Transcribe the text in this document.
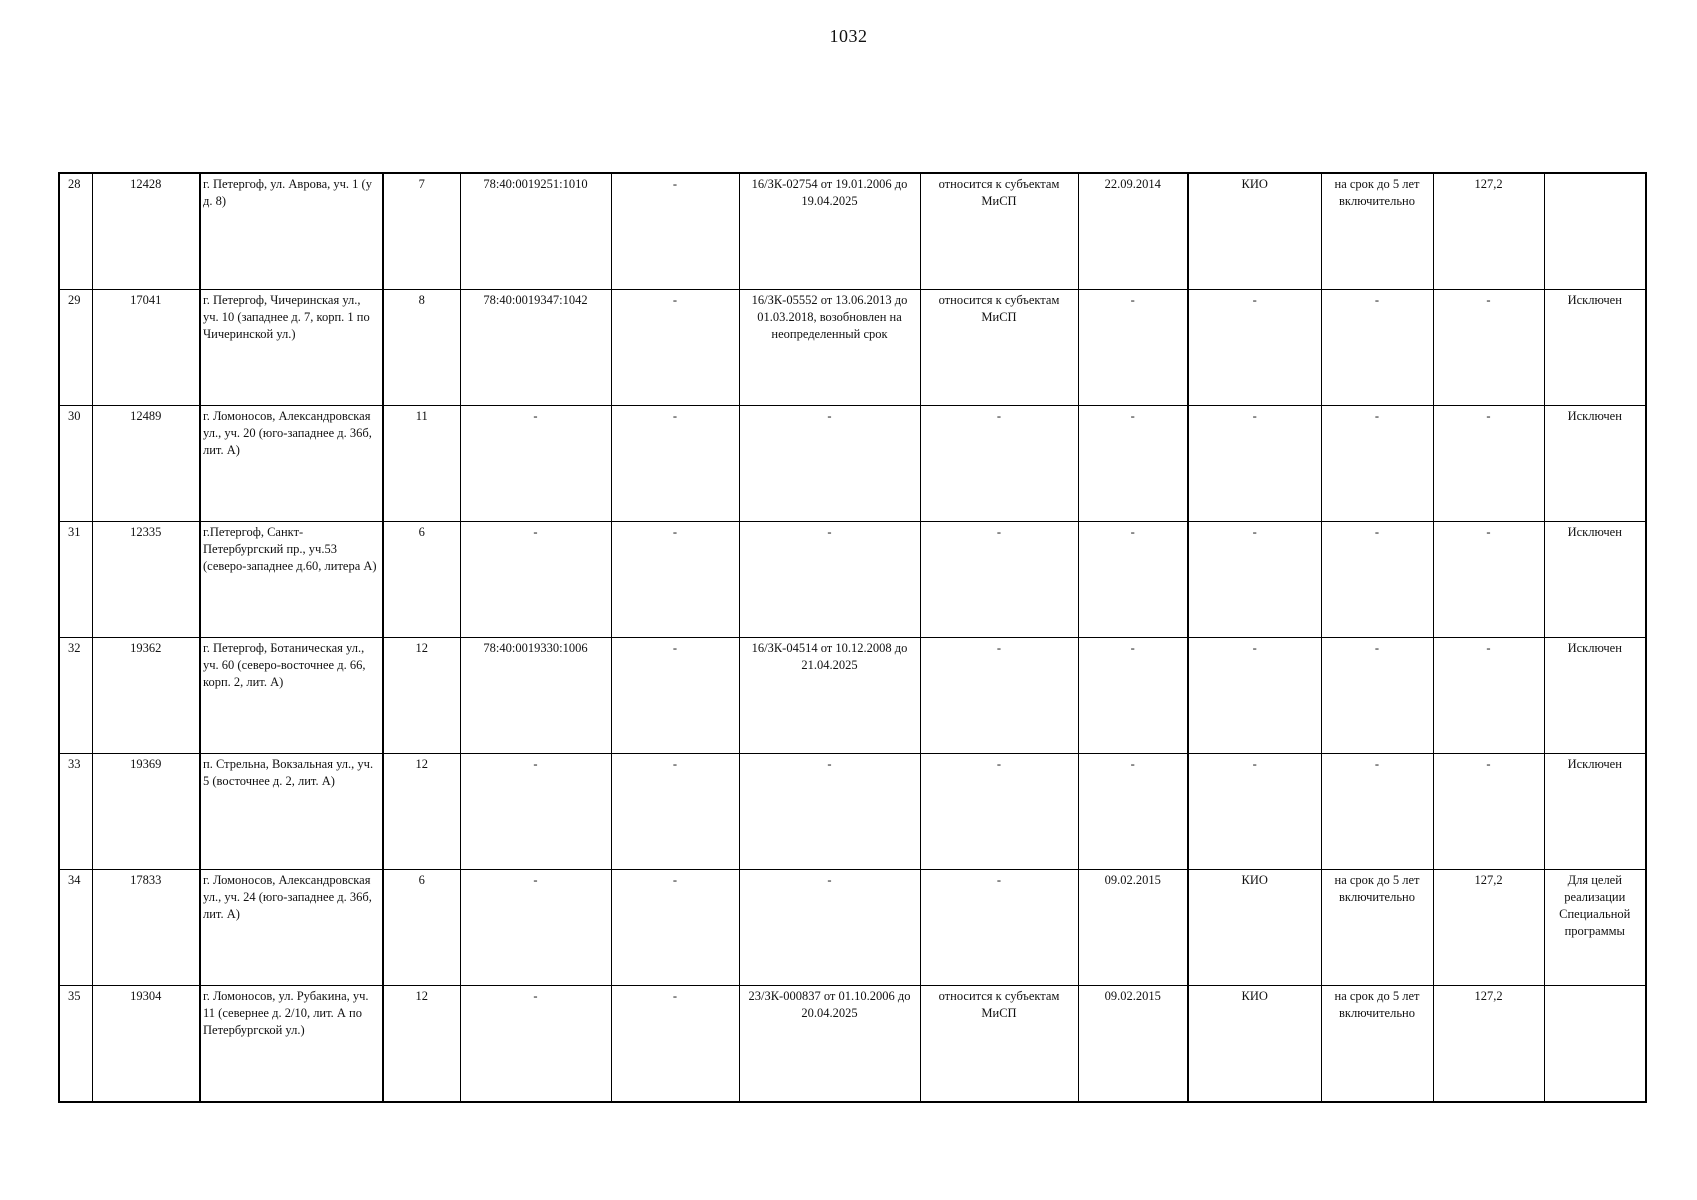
1032
28	12428	г. Петергоф, ул. Аврова, уч. 1 (у д. 8)	7	78:40:0019251:1010	-	16/ЗК-02754 от 19.01.2006 до 19.04.2025	относится к субъектам МиСП	22.09.2014	КИО	на срок до 5 лет включительно	127,2	
29	17041	г. Петергоф, Чичеринская ул., уч. 10 (западнее д. 7, корп. 1 по Чичеринской ул.)	8	78:40:0019347:1042	-	16/ЗК-05552 от 13.06.2013 до 01.03.2018, возобновлен на неопределенный срок	относится к субъектам МиСП	-	-	-	-	Исключен
30	12489	г. Ломоносов, Александровская ул., уч. 20 (юго-западнее д. 36б, лит. А)	11	-	-	-	-	-	-	-	-	Исключен
31	12335	г.Петергоф, Санкт-Петербургский пр., уч.53 (северо-западнее д.60, литера А)	6	-	-	-	-	-	-	-	-	Исключен
32	19362	г. Петергоф, Ботаническая ул., уч. 60 (северо-восточнее д. 66, корп. 2, лит. А)	12	78:40:0019330:1006	-	16/ЗК-04514 от 10.12.2008 до 21.04.2025	-	-	-	-	-	Исключен
33	19369	п. Стрельна, Вокзальная ул., уч. 5 (восточнее д. 2, лит. А)	12	-	-	-	-	-	-	-	-	Исключен
34	17833	г. Ломоносов, Александровская ул., уч. 24 (юго-западнее д. 36б, лит. А)	6	-	-	-	-	09.02.2015	КИО	на срок до 5 лет включительно	127,2	Для целей реализации Специальной программы
35	19304	г. Ломоносов, ул. Рубакина, уч. 11 (севернее д. 2/10, лит. А по Петербургской ул.)	12	-	-	23/ЗК-000837 от 01.10.2006 до 20.04.2025	относится к субъектам МиСП	09.02.2015	КИО	на срок до 5 лет включительно	127,2	
